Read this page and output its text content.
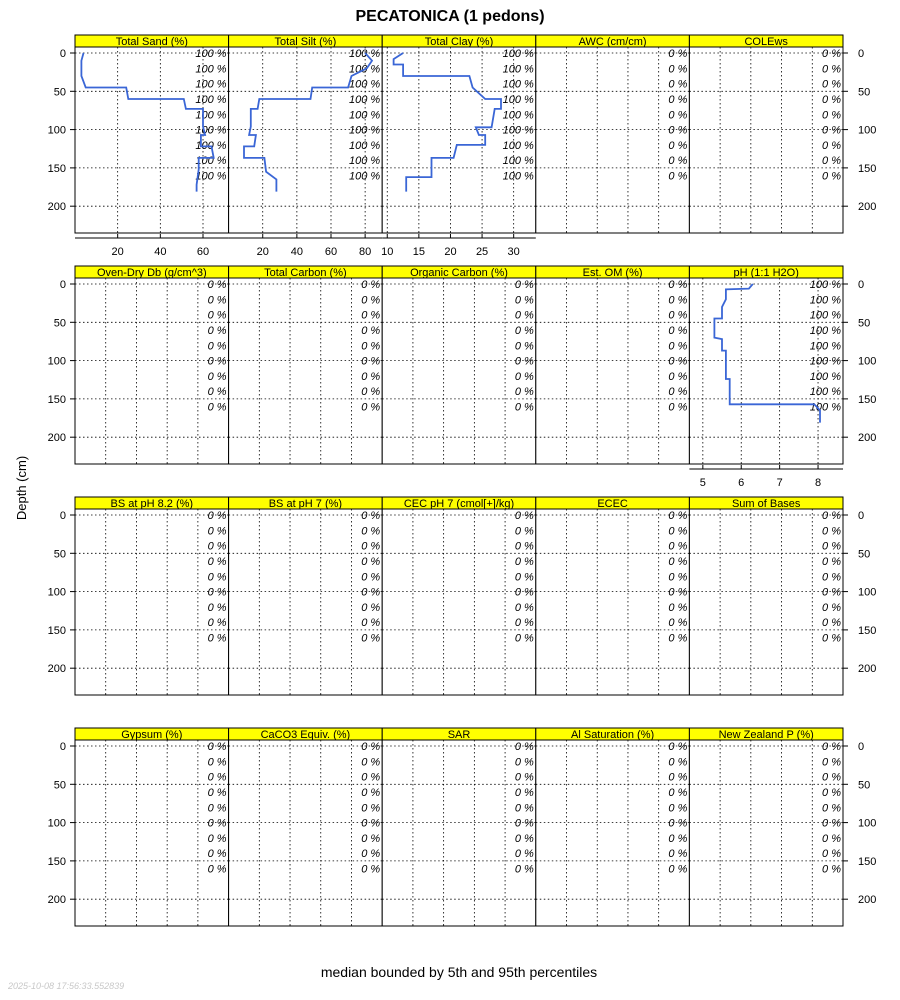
PECATONICA (1 pedons)
Depth (cm)
median bounded by 5th and 95th percentiles
2025-10-08 17:56:33.552839
Total Sand (%)
100 %
100 %
100 %
100 %
100 %
100 %
100 %
100 %
100 %
20	40	60
0
50
100
150
200
Total Silt (%)
100 %
100 %
100 %
100 %
100 %
100 %
100 %
100 %
100 %
20 40 60 80
Total Clay (%)
100 %
100 %
100 %
100 %
100 %
100 %
100 %
100 %
100 %
10 15 20 25 30
AWC (cm/cm)
0 %
0 %
0 %
0 %
0 %
0 %
0 %
0 %
0 %
COLEws
0 %
0 %
0 %
0 %
0 %
0 %
0 %
0 %
0 %
0
50
100
150
200
Oven-Dry Db (g/cm^3)
0 %
0 %
0 %
0 %
0 %
0 %
0 %
0 %
0 %
0
50
100
150
200
Total Carbon (%)
0 %
0 %
0 %
0 %
0 %
0 %
0 %
0 %
0 %
Organic Carbon (%)
0 %
0 %
0 %
0 %
0 %
0 %
0 %
0 %
0 %
Est. OM (%)
0 %
0 %
0 %
0 %
0 %
0 %
0 %
0 %
0 %
pH (1:1 H2O)
100 %
100 %
100 %
100 %
100 %
100 %
100 %
100 %
100 %
5	6	7	8
0
50
100
150
200
BS at pH 8.2 (%)
0 %
0 %
0 %
0 %
0 %
0 %
0 %
0 %
0 %
0
50
100
150
200
BS at pH 7 (%)
0 %
0 %
0 %
0 %
0 %
0 %
0 %
0 %
0 %
CEC pH 7 (cmol[+]/kg)
0 %
0 %
0 %
0 %
0 %
0 %
0 %
0 %
0 %
ECEC
0 %
0 %
0 %
0 %
0 %
0 %
0 %
0 %
0 %
Sum of Bases
0 %
0 %
0 %
0 %
0 %
0 %
0 %
0 %
0 %
0
50
100
150
200
Gypsum (%)
0 %
0 %
0 %
0 %
0 %
0 %
0 %
0 %
0 %
0
50
100
150
200
CaCO3 Equiv. (%)
0 %
0 %
0 %
0 %
0 %
0 %
0 %
0 %
0 %
SAR
0 %
0 %
0 %
0 %
0 %
0 %
0 %
0 %
0 %
Al Saturation (%)
0 %
0 %
0 %
0 %
0 %
0 %
0 %
0 %
0 %
New Zealand P (%)
0 %
0 %
0 %
0 %
0 %
0 %
0 %
0 %
0 %
0
50
100
150
200
